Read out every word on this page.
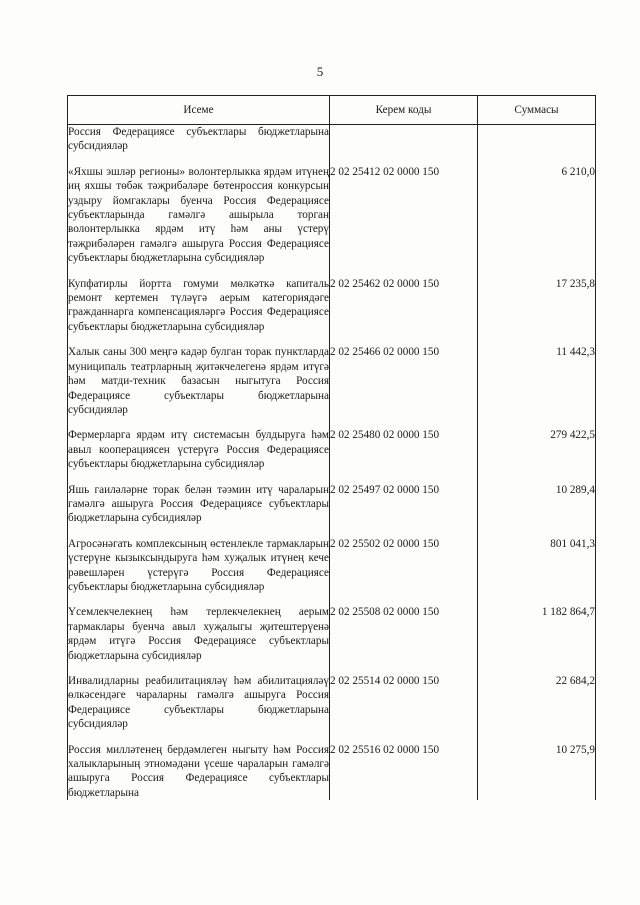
5
Исеме	Керем коды	Суммасы
Россия Федерациясе субъектлары бюджетларына субсидияләр		
«Яхшы эшләр регионы» волонтерлыкка ярдәм итүнең иң яхшы төбәк тәҗрибәләре бөтенроссия конкурсын уздыру йомгаклары буенча Россия Федерациясе субъектларында гамәлгә ашырыла торган волонтерлыкка ярдәм итү һәм аны үстерү тәҗрибәләрен гамәлгә ашыруга Россия Федерациясе субъектлары бюджетларына субсидияләр	2 02 25412 02 0000 150	6 210,0
Купфатирлы йортта гомуми мөлкәткә капиталь ремонт кертемен түләүгә аерым категориядәге гражданнарга компенсацияләргә Россия Федерациясе субъектлары бюджетларына субсидияләр	2 02 25462 02 0000 150	17 235,8
Халык саны 300 меңгә кадәр булган торак пунктларда муниципаль театрларның җитәкчелегенә ярдәм итүгә һәм матди-техник базасын ныгытуга Россия Федерациясе субъектлары бюджетларына субсидияләр	2 02 25466 02 0000 150	11 442,3
Фермерларга ярдәм итү системасын булдыруга һәм авыл кооперациясен үстерүгә Россия Федерациясе субъектлары бюджетларына субсидияләр	2 02 25480 02 0000 150	279 422,5
Яшь гаиләләрне торак белән тәэмин итү чараларын гамәлгә ашыруга Россия Федерациясе субъектлары бюджетларына субсидияләр	2 02 25497 02 0000 150	10 289,4
Агросәнәгать комплексының өстенлекле тармакларын үстерүне кызыксындыруга һәм хуҗалык итүнең кече рәвешләрен үстерүгә Россия Федерациясе субъектлары бюджетларына субсидияләр	2 02 25502 02 0000 150	801 041,3
Үсемлекчелекнең һәм терлекчелекнең аерым тармаклары буенча авыл хуҗалыгы җитештерүенә ярдәм итүгә Россия Федерациясе субъектлары бюджетларына субсидияләр	2 02 25508 02 0000 150	1 182 864,7
Инвалидларны реабилитацияләү һәм абилитацияләү өлкәсендәге чараларны гамәлгә ашыруга Россия Федерациясе субъектлары бюджетларына субсидияләр	2 02 25514 02 0000 150	22 684,2
Россия милләтенең бердәмлеген ныгыту һәм Россия халыкларының этномәдәни үсеше чараларын гамәлгә ашыруга Россия Федерациясе субъектлары бюджетларына	2 02 25516 02 0000 150	10 275,9
